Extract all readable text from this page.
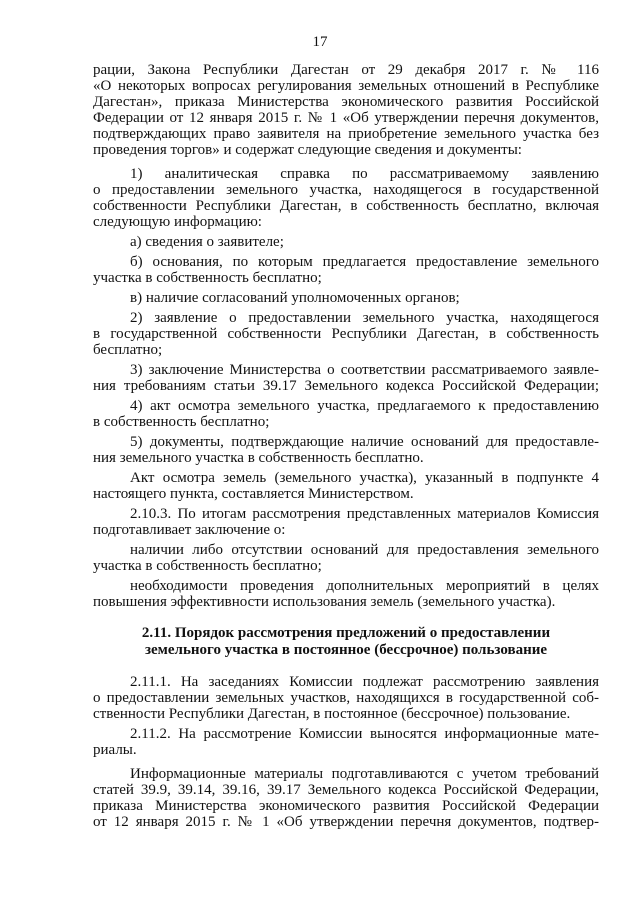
17
рации, Закона Республики Дагестан от 29 декабря 2017 г. № 116
«О некоторых вопросах регулирования земельных отношений в Республике
Дагестан», приказа Министерства экономического развития Российской
Федерации от 12 января 2015 г. № 1 «Об утверждении перечня документов,
подтверждающих право заявителя на приобретение земельного участка без
проведения торгов» и содержат следующие сведения и документы:
1) аналитическая справка по рассматриваемому заявлению
о предоставлении земельного участка, находящегося в государственной
собственности Республики Дагестан, в собственность бесплатно, включая
следующую информацию:
а) сведения о заявителе;
б) основания, по которым предлагается предоставление земельного
участка в собственность бесплатно;
в) наличие согласований уполномоченных органов;
2) заявление о предоставлении земельного участка, находящегося
в государственной собственности Республики Дагестан, в собственность
бесплатно;
3) заключение Министерства о соответствии рассматриваемого заявле-
ния требованиям статьи 39.17 Земельного кодекса Российской Федерации;
4) акт осмотра земельного участка, предлагаемого к предоставлению
в собственность бесплатно;
5) документы, подтверждающие наличие оснований для предоставле-
ния земельного участка в собственность бесплатно.
Акт осмотра земель (земельного участка), указанный в подпункте 4
настоящего пункта, составляется Министерством.
2.10.3. По итогам рассмотрения представленных материалов Комиссия
подготавливает заключение о:
наличии либо отсутствии оснований для предоставления земельного
участка в собственность бесплатно;
необходимости проведения дополнительных мероприятий в целях
повышения эффективности использования земель (земельного участка).
2.11. Порядок рассмотрения предложений о предоставлении
земельного участка в постоянное (бессрочное) пользование
2.11.1. На заседаниях Комиссии подлежат рассмотрению заявления
о предоставлении земельных участков, находящихся в государственной соб-
ственности Республики Дагестан, в постоянное (бессрочное) пользование.
2.11.2. На рассмотрение Комиссии выносятся информационные мате-
риалы.
Информационные материалы подготавливаются с учетом требований
статей 39.9, 39.14, 39.16, 39.17 Земельного кодекса Российской Федерации,
приказа Министерства экономического развития Российской Федерации
от 12 января 2015 г. № 1 «Об утверждении перечня документов, подтвер-
